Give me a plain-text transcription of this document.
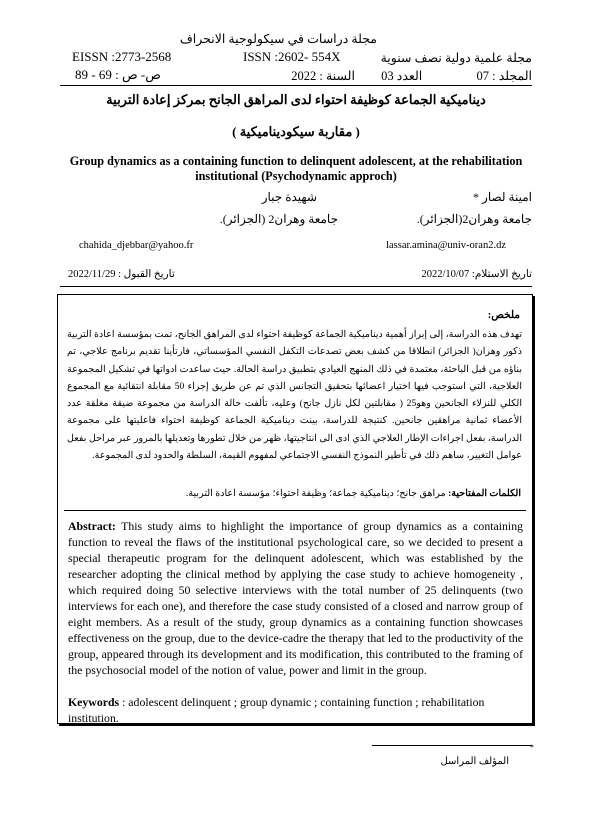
مجلة دراسات في سيكولوجية الانحراف
مجلة علمية دولية نصف سنوية
EISSN :2773-2568	ISSN :2602- 554X
المجلد : 07  العدد 03  السنة : 2022
ص- ص : 69 - 89
ديناميكية الجماعة كوظيفة احتواء لدى المراهق الجانح بمركز إعادة التربية
( مقاربة سيكوديناميكية )
Group dynamics as a containing function to delinquent adolescent, at the rehabilitation institutional (Psychodynamic approch)
امينة لصار *
شهيدة جبار
جامعة وهران2(الجزائر).
جامعة وهران2 (الجزائر).
lassar.amina@univ-oran2.dz
chahida_djebbar@yahoo.fr
تاريخ الاستلام: 2022/10/07
تاريخ القبول : 2022/11/29
ملخص:
تهدف هذه الدراسة، إلى إبراز أهمية ديناميكية الجماعة كوظيفة احتواء لدى المراهق الجانح، تمت بمؤسسة اعادة التربية ذكور وهران( الجزائر) انطلاقا من كشف بعض تصدعات التكفل النفسي المؤسساتي، فارتأينا تقديم برنامج علاجي، تم بناؤه من قبل الباحثة، معتمدة في ذلك المنهج العيادي بتطبيق دراسة الحالة. حيث ساعدت ادواتها في تشكيل المجموعة العلاجية، التي استوجب فيها اختيار اعضائها بتحقيق التجانس الذي تم عن طريق إجراء 50 مقابلة انتقائية مع المجموع الكلي للنزلاء الجانحين وهو25 ( مقابلتين لكل نازل جانح) وعليه، تألفت حالة الدراسة من مجموعة ضيقة مغلقة عدد الأعضاء ثمانية مراهقين جانحين. كنتيجة للدراسة، بينت ديناميكية الجماعة كوظيفة احتواء فاعليتها على مجموعة الدراسة، بفعل اجراءات الإطار العلاجي الذي ادى الى انتاجيتها، ظهر من خلال تطورها وتعديلها بالمرور عبر مراحل بفعل عوامل التغيير، ساهم ذلك في تأطير النموذج النفسي الاجتماعي لمفهوم القيمة، السلطة والحدود لدى المجموعة.
الكلمات المفتاحية: مراهق جانح؛ ديناميكية جماعة؛ وظيفة احتواء؛ مؤسسة اعادة التربية.
Abstract: This study aims to highlight the importance of group dynamics as a containing function to reveal the flaws of the institutional psychological care, so we decided to present a special therapeutic program for the delinquent adolescent, which was established by the researcher adopting the clinical method by applying the case study to achieve homogeneity , which required doing 50 selective interviews with the total number of 25 delinquents (two interviews for each one), and therefore the case study consisted of a closed and narrow group of eight members. As a result of the study, group dynamics as a containing function showcases effectiveness on the group, due to the device-cadre the therapy that led to the productivity of the group, appeared through its development and its modification, this contributed to the framing of the psychosocial model of the notion of value, power and limit in the group.
Keywords : adolescent delinquent ; group dynamic ; containing function ; rehabilitation institution.
*
المؤلف المراسل
